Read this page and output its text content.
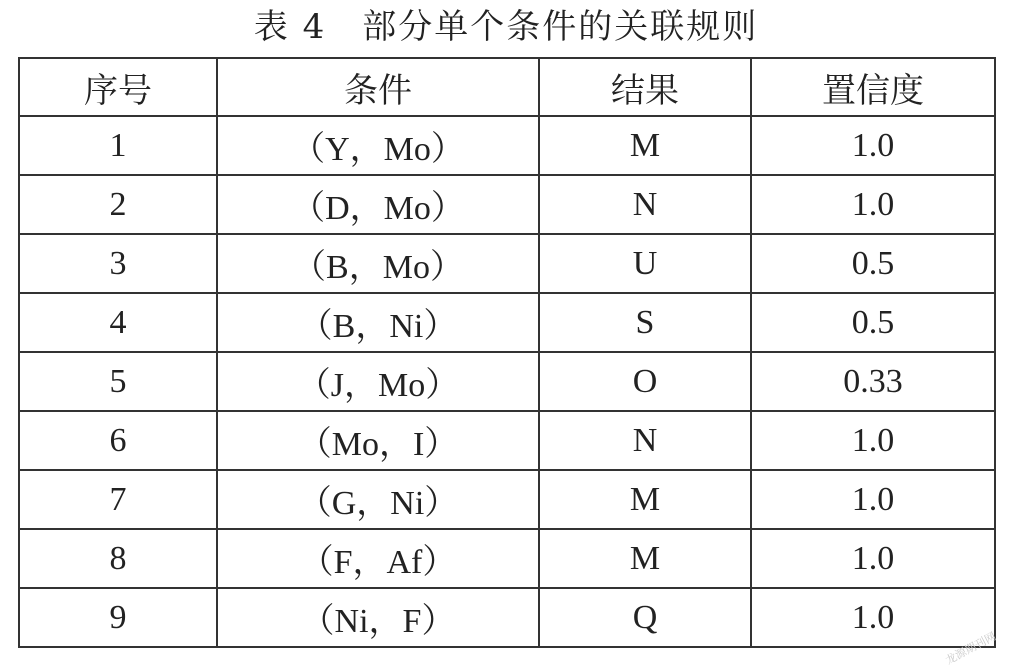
表 4　部分单个条件的关联规则
序号	条件	结果	置信度
1	（Y，Mo）	M	1.0
2	（D，Mo）	N	1.0
3	（B，Mo）	U	0.5
4	（B，Ni）	S	0.5
5	（J，Mo）	O	0.33
6	（Mo，I）	N	1.0
7	（G，Ni）	M	1.0
8	（F，Af）	M	1.0
9	（Ni，F）	Q	1.0
龙源期刊网
